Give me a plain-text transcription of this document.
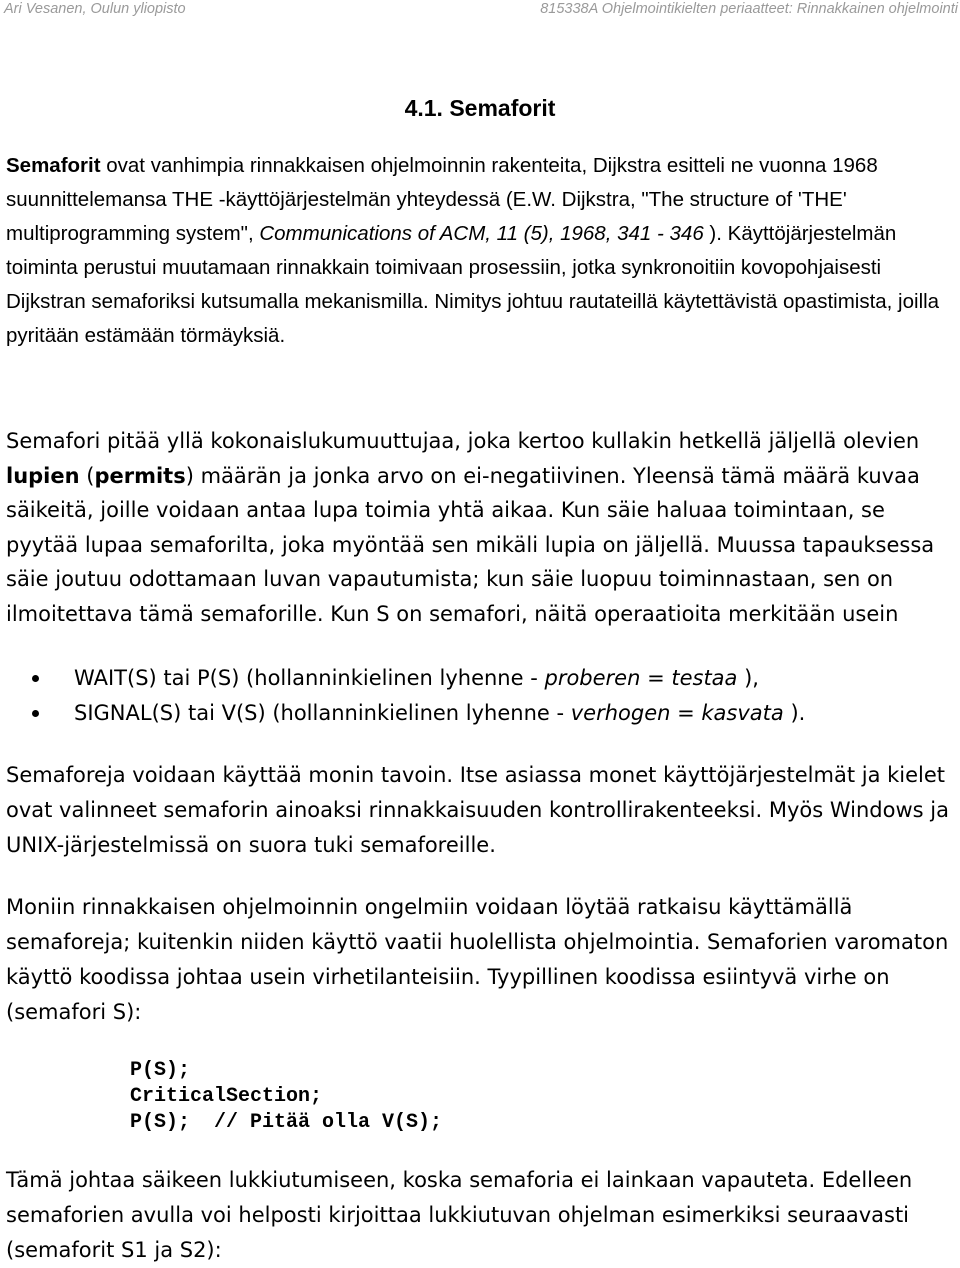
Ari Vesanen, Oulun yliopisto	815338A Ohjelmointikielten periaatteet: Rinnakkainen ohjelmointi
4.1. Semaforit

Semaforit ovat vanhimpia rinnakkaisen ohjelmoinnin rakenteita, Dijkstra esitteli ne vuonna 1968 suunnittelemansa THE -käyttöjärjestelmän yhteydessä (E.W. Dijkstra, "The structure of 'THE' multiprogramming system", Communications of ACM, 11 (5), 1968, 341 - 346 ). Käyttöjärjestelmän toiminta perustui muutamaan rinnakkain toimivaan prosessiin, jotka synkronoitiin kovopohjaisesti Dijkstran semaforiksi kutsumalla mekanismilla. Nimitys johtuu rautateillä käytettävistä opastimista, joilla pyritään estämään törmäyksiä.

Semafori pitää yllä kokonaislukumuuttujaa, joka kertoo kullakin hetkellä jäljellä olevien lupien (permits) määrän ja jonka arvo on ei-negatiivinen. Yleensä tämä määrä kuvaa säikeitä, joille voidaan antaa lupa toimia yhtä aikaa. Kun säie haluaa toimintaan, se pyytää lupaa semaforilta, joka myöntää sen mikäli lupia on jäljellä. Muussa tapauksessa säie joutuu odottamaan luvan vapautumista; kun säie luopuu toiminnastaan, sen on ilmoitettava tämä semaforille. Kun S on semafori, näitä operaatioita merkitään usein

WAIT(S) tai P(S) (hollanninkielinen lyhenne - proberen = testaa ),
SIGNAL(S) tai V(S) (hollanninkielinen lyhenne - verhogen = kasvata ).

Semaforeja voidaan käyttää monin tavoin. Itse asiassa monet käyttöjärjestelmät ja kielet ovat valinneet semaforin ainoaksi rinnakkaisuuden kontrollirakenteeksi. Myös Windows ja UNIX-järjestelmissä on suora tuki semaforeille.

Moniin rinnakkaisen ohjelmoinnin ongelmiin voidaan löytää ratkaisu käyttämällä semaforeja; kuitenkin niiden käyttö vaatii huolellista ohjelmointia. Semaforien varomaton käyttö koodissa johtaa usein virhetilanteisiin. Tyypillinen koodissa esiintyvä virhe on (semafori S):

P(S);
CriticalSection;
P(S);  // Pitää olla V(S);

Tämä johtaa säikeen lukkiutumiseen, koska semaforia ei lainkaan vapauteta. Edelleen semaforien avulla voi helposti kirjoittaa lukkiutuvan ohjelman esimerkiksi seuraavasti (semaforit S1 ja S2):
